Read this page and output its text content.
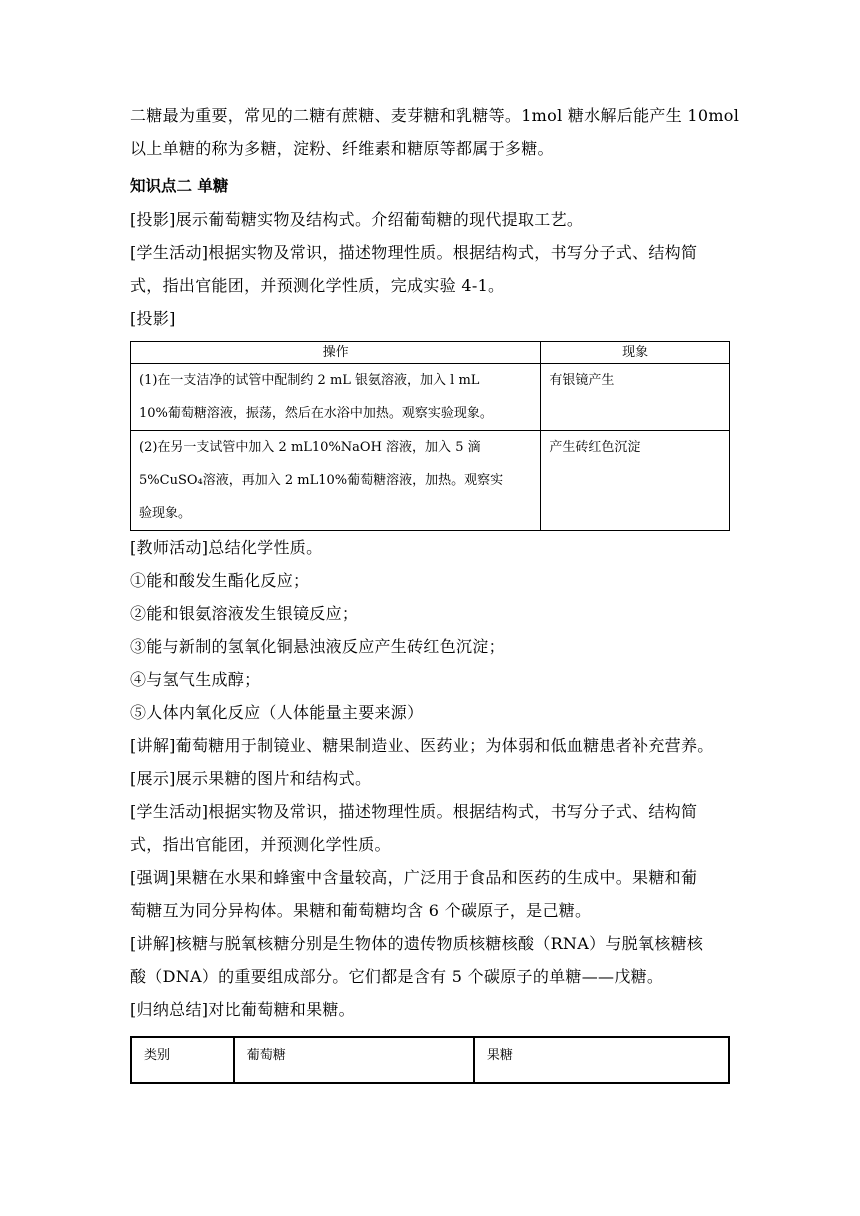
二糖最为重要，常见的二糖有蔗糖、麦芽糖和乳糖等。1mol 糖水解后能产生 10mol

以上单糖的称为多糖，淀粉、纤维素和糖原等都属于多糖。

知识点二 单糖

[投影]展示葡萄糖实物及结构式。介绍葡萄糖的现代提取工艺。

[学生活动]根据实物及常识，描述物理性质。根据结构式，书写分子式、结构简

式，指出官能团，并预测化学性质，完成实验 4-1。

[投影]

操作	现象

(1)在一支洁净的试管中配制约 2 mL 银氨溶液，加入 l mL
10%葡萄糖溶液，振荡，然后在水浴中加热。观察实验现象。	有银镜产生

(2)在另一支试管中加入 2 mL10%NaOH 溶液，加入 5 滴
5%CuSO₄溶液，再加入 2 mL10%葡萄糖溶液，加热。观察实
验现象。	产生砖红色沉淀

[教师活动]总结化学性质。

①能和酸发生酯化反应；

②能和银氨溶液发生银镜反应；

③能与新制的氢氧化铜悬浊液反应产生砖红色沉淀；

④与氢气生成醇；

⑤人体内氧化反应（人体能量主要来源）

[讲解]葡萄糖用于制镜业、糖果制造业、医药业；为体弱和低血糖患者补充营养。

[展示]展示果糖的图片和结构式。

[学生活动]根据实物及常识，描述物理性质。根据结构式，书写分子式、结构简

式，指出官能团，并预测化学性质。

[强调]果糖在水果和蜂蜜中含量较高，广泛用于食品和医药的生成中。果糖和葡

萄糖互为同分异构体。果糖和葡萄糖均含 6 个碳原子，是己糖。

[讲解]核糖与脱氧核糖分别是生物体的遗传物质核糖核酸（RNA）与脱氧核糖核

酸（DNA）的重要组成部分。它们都是含有 5 个碳原子的单糖——戊糖。

[归纳总结]对比葡萄糖和果糖。

类别	葡萄糖	果糖
